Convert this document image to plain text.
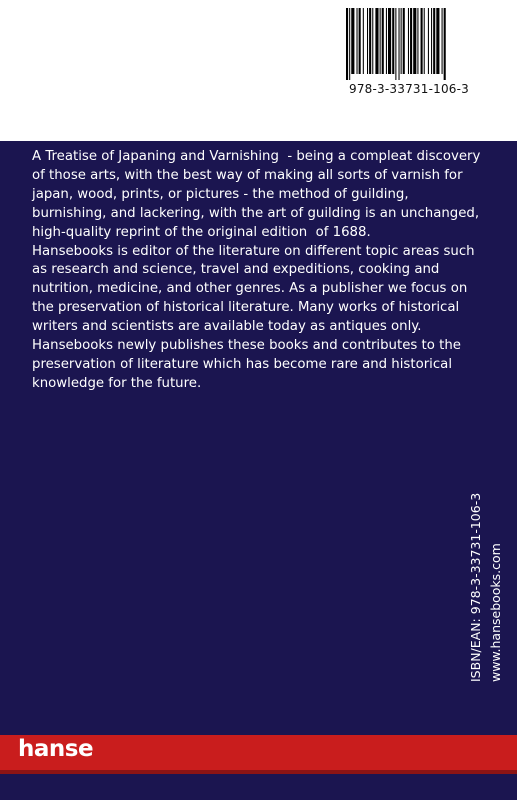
978-3-33731-106-3

A Treatise of Japaning and Varnishing  - being a compleat discovery of those arts, with the best way of making all sorts of varnish for japan, wood, prints, or pictures - the method of guilding, burnishing, and lackering, with the art of guilding is an unchanged, high-quality reprint of the original edition  of 1688.

Hansebooks is editor of the literature on different topic areas such as research and science, travel and expeditions, cooking and nutrition, medicine, and other genres. As a publisher we focus on the preservation of historical literature. Many works of historical writers and scientists are available today as antiques only. Hansebooks newly publishes these books and contributes to the preservation of literature which has become rare and historical knowledge for the future.

ISBN/EAN: 978-3-33731-106-3 www.hansebooks.com
hanse
